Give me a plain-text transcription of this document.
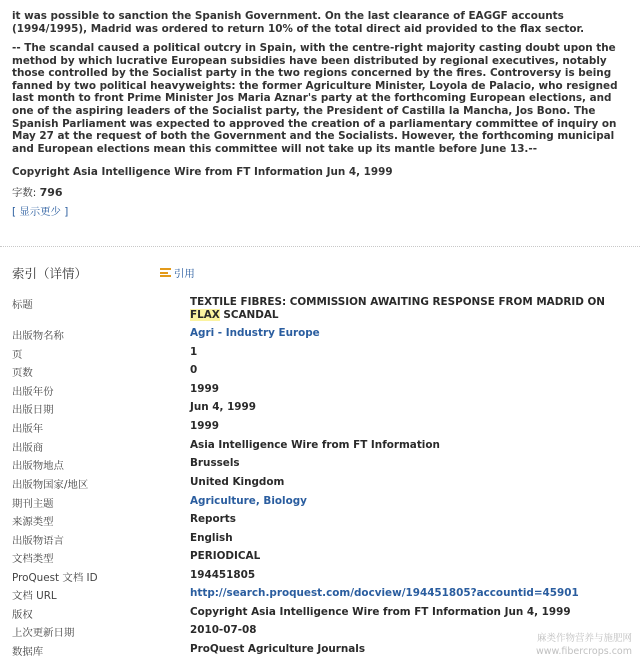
it was possible to sanction the Spanish Government. On the last clearance of EAGGF accounts (1994/1995), Madrid was ordered to return 10% of the total direct aid provided to the flax sector.
-- The scandal caused a political outcry in Spain, with the centre-right majority casting doubt upon the method by which lucrative European subsidies have been distributed by regional executives, notably those controlled by the Socialist party in the two regions concerned by the fires. Controversy is being fanned by two political heavyweights: the former Agriculture Minister, Loyola de Palacio, who resigned last month to front Prime Minister Jos Maria Aznar's party at the forthcoming European elections, and one of the aspiring leaders of the Socialist party, the President of Castilla la Mancha, Jos Bono. The Spanish Parliament was expected to approved the creation of a parliamentary committee of inquiry on May 27 at the request of both the Government and the Socialists. However, the forthcoming municipal and European elections mean this committee will not take up its mantle before June 13.--
Copyright Asia Intelligence Wire from FT Information Jun 4, 1999
字数: 796
[ 显示更少 ]
索引（详情）	引用
标题	TEXTILE FIBRES: COMMISSION AWAITING RESPONSE FROM MADRID ON FLAX SCANDAL
出版物名称	Agri - Industry Europe
页	1
页数	0
出版年份	1999
出版日期	Jun 4, 1999
出版年	1999
出版商	Asia Intelligence Wire from FT Information
出版物地点	Brussels
出版物国家/地区	United Kingdom
期刊主题	Agriculture, Biology
来源类型	Reports
出版物语言	English
文档类型	PERIODICAL
ProQuest 文档 ID	194451805
文档 URL	http://search.proquest.com/docview/194451805?accountid=45901
版权	Copyright Asia Intelligence Wire from FT Information Jun 4, 1999
上次更新日期	2010-07-08
数据库	ProQuest Agriculture Journals
麻类作物营养与施肥网
www.fibercrops.com
